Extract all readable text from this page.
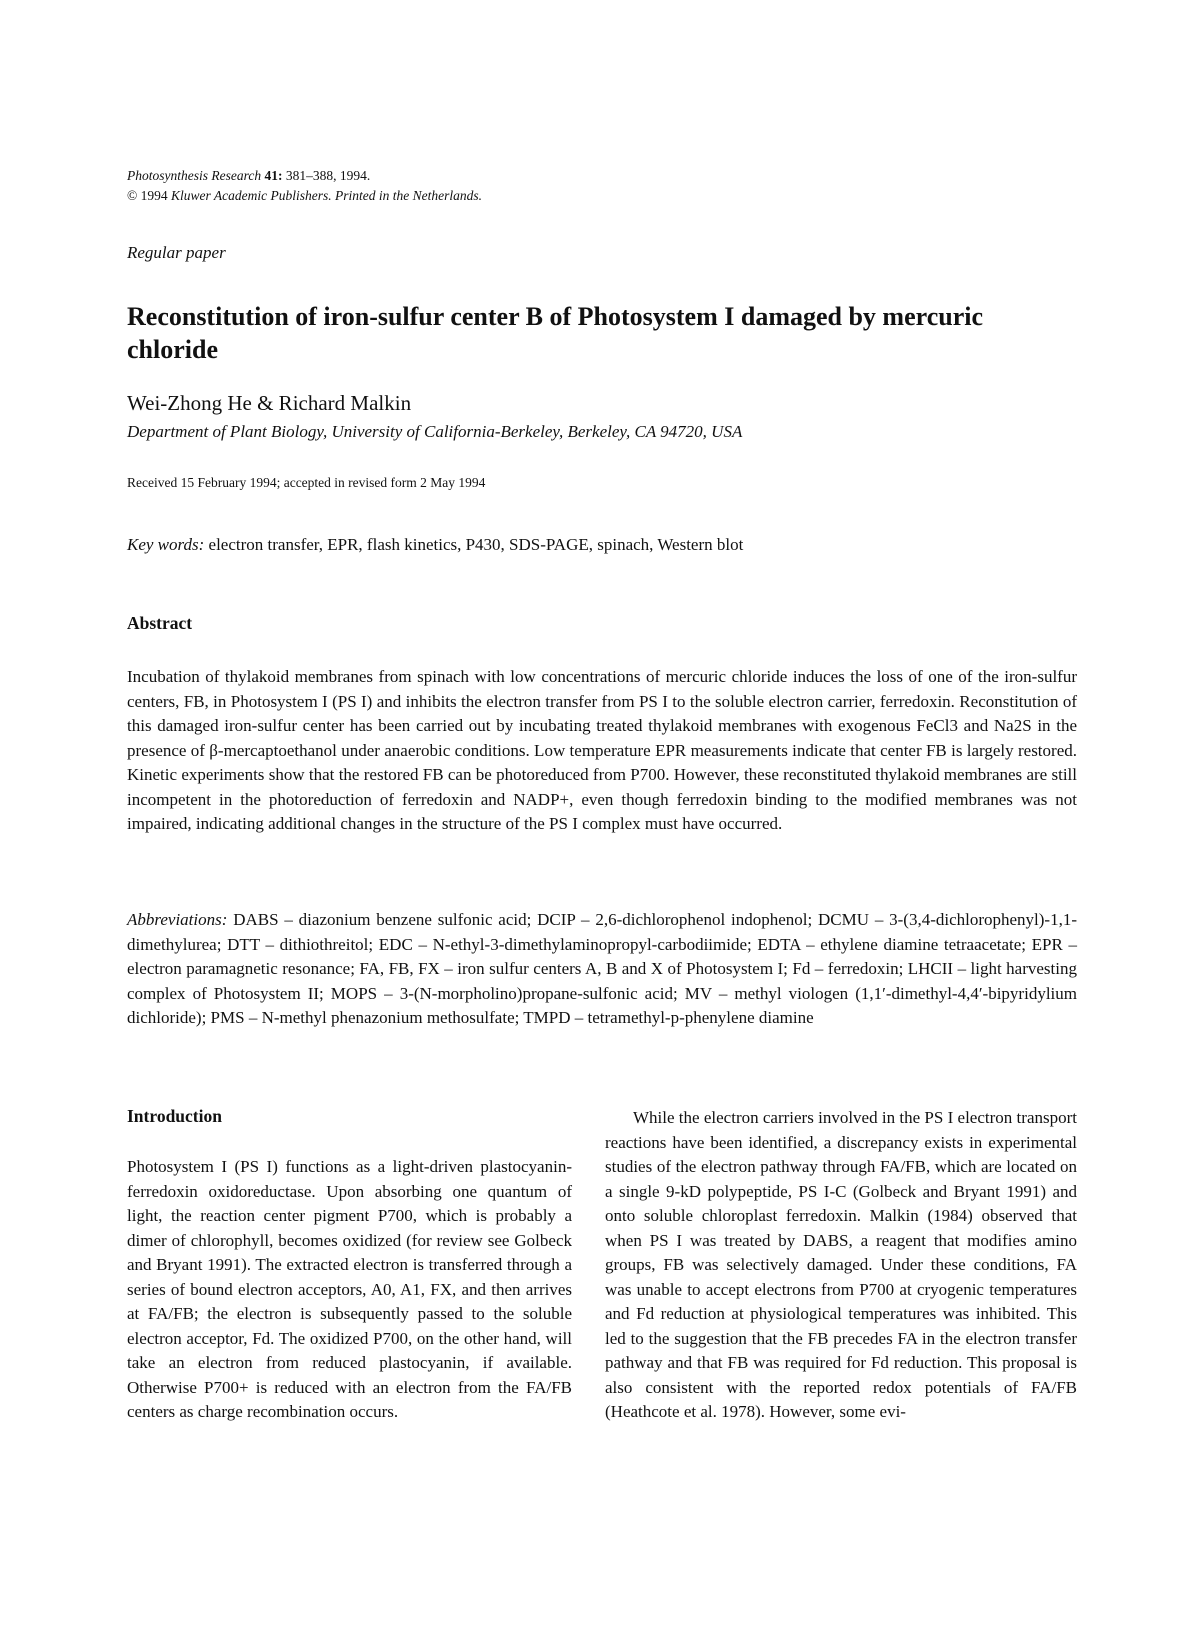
Photosynthesis Research 41: 381–388, 1994.
© 1994 Kluwer Academic Publishers. Printed in the Netherlands.
Regular paper
Reconstitution of iron-sulfur center B of Photosystem I damaged by mercuric chloride
Wei-Zhong He & Richard Malkin
Department of Plant Biology, University of California-Berkeley, Berkeley, CA 94720, USA
Received 15 February 1994; accepted in revised form 2 May 1994
Key words: electron transfer, EPR, flash kinetics, P430, SDS-PAGE, spinach, Western blot
Abstract
Incubation of thylakoid membranes from spinach with low concentrations of mercuric chloride induces the loss of one of the iron-sulfur centers, FB, in Photosystem I (PS I) and inhibits the electron transfer from PS I to the soluble electron carrier, ferredoxin. Reconstitution of this damaged iron-sulfur center has been carried out by incubating treated thylakoid membranes with exogenous FeCl3 and Na2S in the presence of β-mercaptoethanol under anaerobic conditions. Low temperature EPR measurements indicate that center FB is largely restored. Kinetic experiments show that the restored FB can be photoreduced from P700. However, these reconstituted thylakoid membranes are still incompetent in the photoreduction of ferredoxin and NADP+, even though ferredoxin binding to the modified membranes was not impaired, indicating additional changes in the structure of the PS I complex must have occurred.
Abbreviations: DABS – diazonium benzene sulfonic acid; DCIP – 2,6-dichlorophenol indophenol; DCMU – 3-(3,4-dichlorophenyl)-1,1-dimethylurea; DTT – dithiothreitol; EDC – N-ethyl-3-dimethylaminopropyl-carbodiimide; EDTA – ethylene diamine tetraacetate; EPR – electron paramagnetic resonance; FA, FB, FX – iron sulfur centers A, B and X of Photosystem I; Fd – ferredoxin; LHCII – light harvesting complex of Photosystem II; MOPS – 3-(N-morpholino)propane-sulfonic acid; MV – methyl viologen (1,1′-dimethyl-4,4′-bipyridylium dichloride); PMS – N-methyl phenazonium methosulfate; TMPD – tetramethyl-p-phenylene diamine
Introduction
Photosystem I (PS I) functions as a light-driven plastocyanin-ferredoxin oxidoreductase. Upon absorbing one quantum of light, the reaction center pigment P700, which is probably a dimer of chlorophyll, becomes oxidized (for review see Golbeck and Bryant 1991). The extracted electron is transferred through a series of bound electron acceptors, A0, A1, FX, and then arrives at FA/FB; the electron is subsequently passed to the soluble electron acceptor, Fd. The oxidized P700, on the other hand, will take an electron from reduced plastocyanin, if available. Otherwise P700+ is reduced with an electron from the FA/FB centers as charge recombination occurs.
While the electron carriers involved in the PS I electron transport reactions have been identified, a discrepancy exists in experimental studies of the electron pathway through FA/FB, which are located on a single 9-kD polypeptide, PS I-C (Golbeck and Bryant 1991) and onto soluble chloroplast ferredoxin. Malkin (1984) observed that when PS I was treated by DABS, a reagent that modifies amino groups, FB was selectively damaged. Under these conditions, FA was unable to accept electrons from P700 at cryogenic temperatures and Fd reduction at physiological temperatures was inhibited. This led to the suggestion that the FB precedes FA in the electron transfer pathway and that FB was required for Fd reduction. This proposal is also consistent with the reported redox potentials of FA/FB (Heathcote et al. 1978). However, some evi-
